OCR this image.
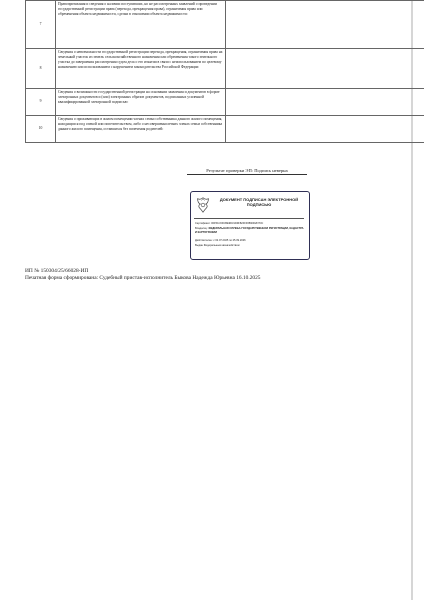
7	Правопритязания и сведения о наличии поступивших, но не рассмотренных заявлений о проведении государственной регистрации права (перехода, прекращения права), ограничения права или обременения объекта недвижимости, сделки в отношении объекта недвижимости:	
8	Сведения о невозможности государственной регистрации перехода, прекращения, ограничения права на земельный участок из земель сельскохозяйственного назначения или обременения такого земельного участка до завершения рассмотрения судом дела о его изъятии в связи с неиспользованием по целевому назначению или использованием с нарушением законодательства Российской Федерации:	
9	Сведения о возможности государственной регистрации на основании заявления и документов в форме электронных документов и (или) электронных образов документов, подписанных усиленной квалифицированной электронной подписью:	
10	Сведения о проживающих в жилом помещении членах семьи собственника данного жилого помещения, находящихся под опекой или попечительством, либо о несовершеннолетних членах семьи собственника данного жилого помещения, оставшихся без попечения родителей:	
Результат проверки ЭП: Подпись неверна
ДОКУМЕНТ ПОДПИСАН ЭЛЕКТРОННОЙ ПОДПИСЬЮ
Сертификат: 00F51C6FCBE9D31D9F82FFF6B3002F7DC
Владелец: ФЕДЕРАЛЬНАЯ СЛУЖБА ГОСУДАРСТВЕННОЙ РЕГИСТРАЦИИ, КАДАСТРА И КАРТОГРАФИИ
Действителен: с 02.07.2025 по 25.09.2026
Выдан Федеральным казначейством
ИП № 150304/25/66028-ИП
Печатная форма сформирована: Судебный пристав-исполнитель Быкова Надежда Юрьевна 16.10.2025
